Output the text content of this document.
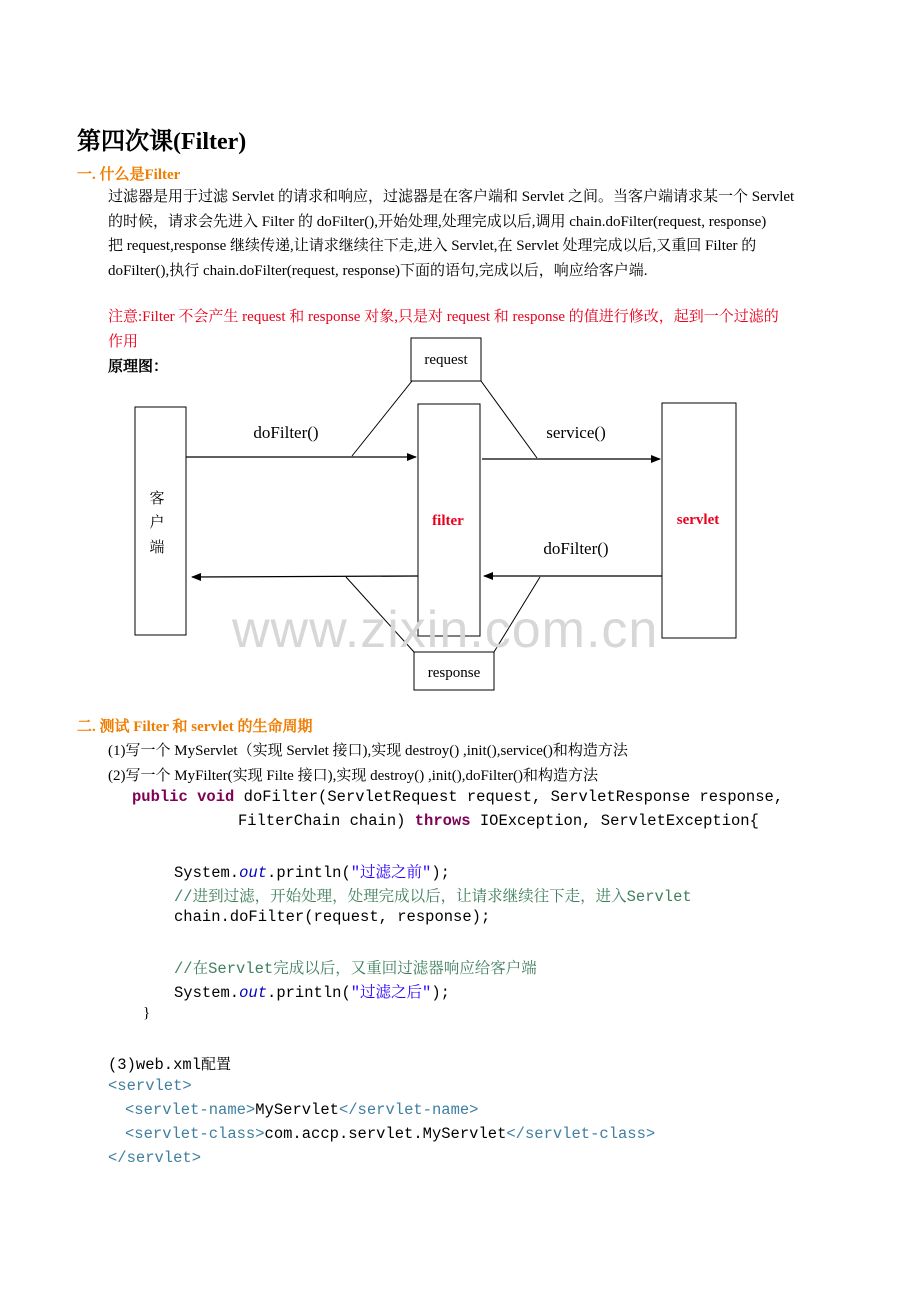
第四次课(Filter)
一. 什么是Filter
过滤器是用于过滤 Servlet 的请求和响应，过滤器是在客户端和 Servlet 之间。当客户端请求某一个 Servlet
的时候，请求会先进入 Filter 的 doFilter(),开始处理,处理完成以后,调用 chain.doFilter(request, response)
把 request,response 继续传递,让请求继续往下走,进入 Servlet,在 Servlet 处理完成以后,又重回 Filter 的
doFilter(),执行 chain.doFilter(request, response)下面的语句,完成以后，响应给客户端.
注意:Filter 不会产生 request 和 response 对象,只是对 request 和 response 的值进行修改，起到一个过滤的
作用
原理图：	request
客
户
端
filter	servlet
response
doFilter()	service()
doFilter()
www.zixin.com.cn
二. 测试 Filter 和 servlet 的生命周期
(1)写一个 MyServlet（实现 Servlet 接口),实现 destroy() ,init(),service()和构造方法
(2)写一个 MyFilter(实现 Filte 接口),实现 destroy() ,init(),doFilter()和构造方法
public void doFilter(ServletRequest request, ServletResponse response,
FilterChain chain) throws IOException, ServletException{
System.out.println("过滤之前");
//进到过滤，开始处理，处理完成以后，让请求继续往下走，进入Servlet
chain.doFilter(request, response);
//在Servlet完成以后，又重回过滤器响应给客户端
System.out.println("过滤之后");
}
(3)web.xml配置
<servlet>
<servlet-name>MyServlet</servlet-name>
<servlet-class>com.accp.servlet.MyServlet</servlet-class>
</servlet>
